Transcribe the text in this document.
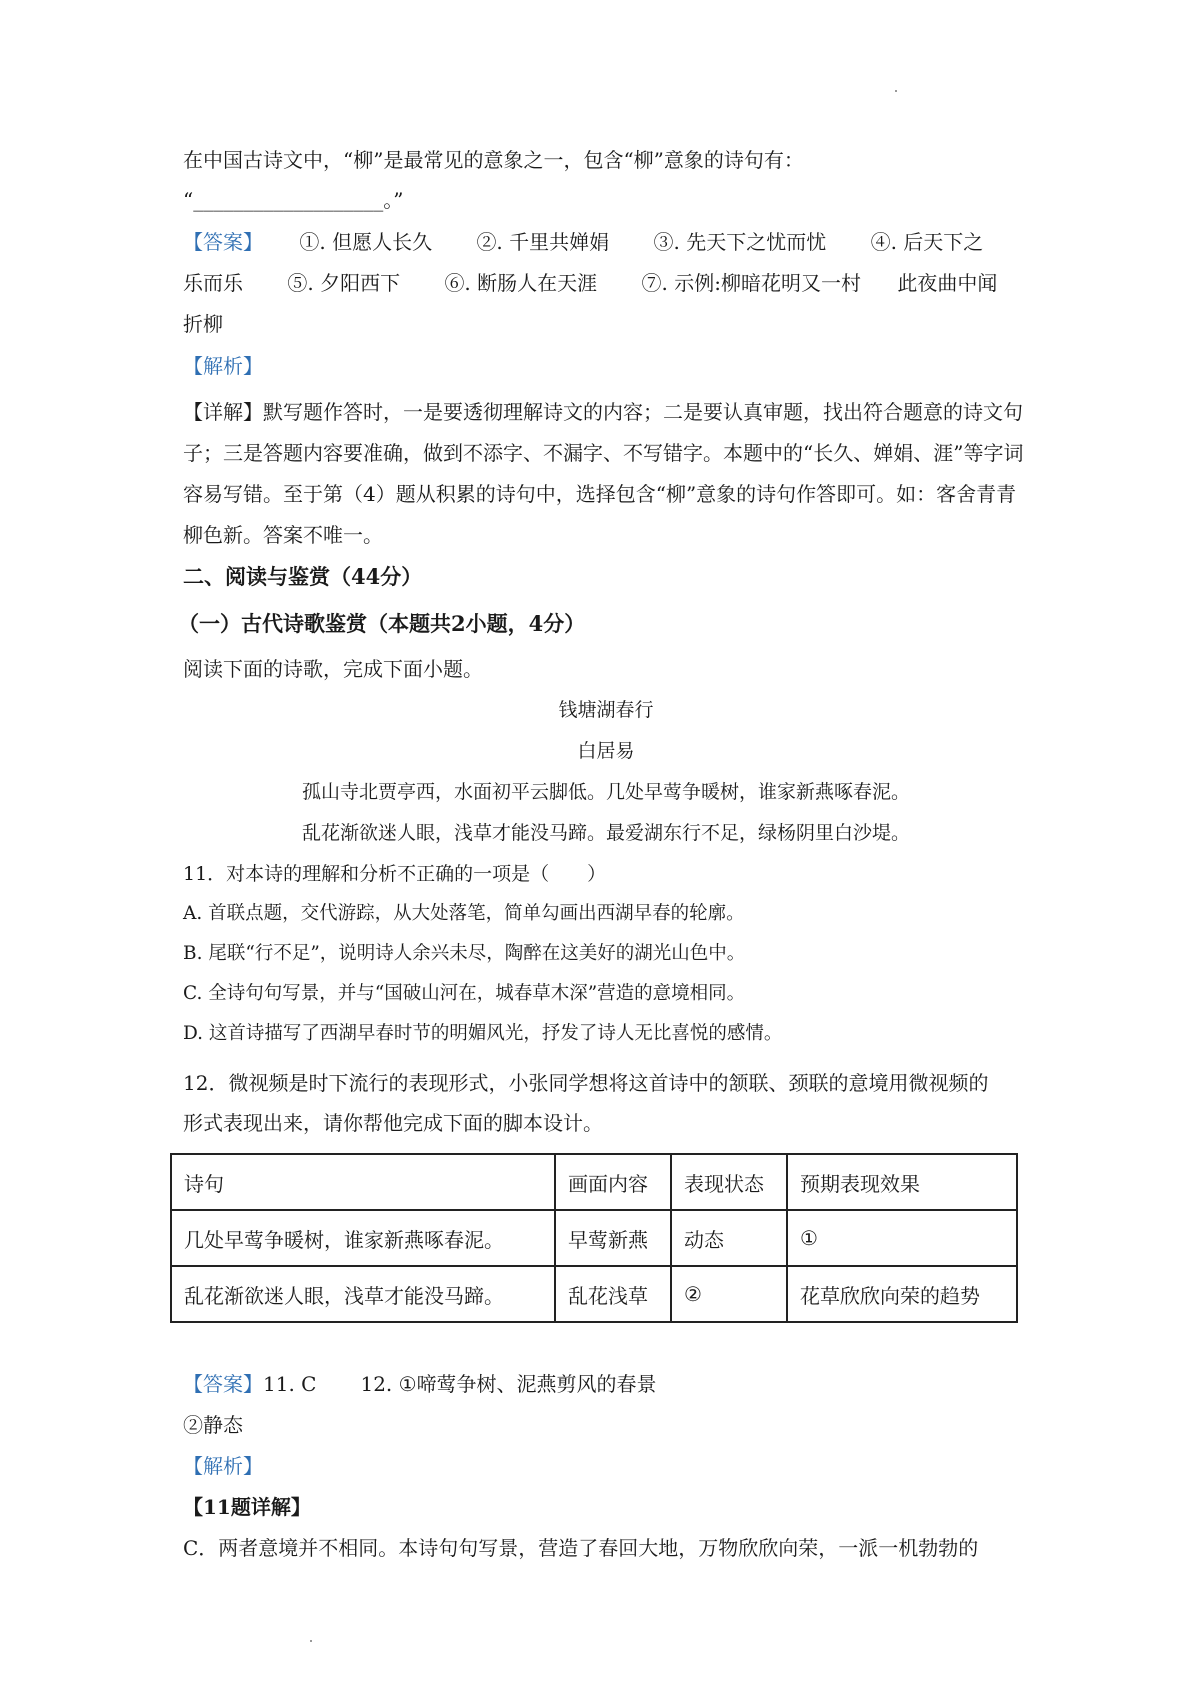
在中国古诗文中，“柳”是最常见的意象之一，包含“柳”意象的诗句有：
“___________________。”
【答案】 ①. 但愿人长久 ②. 千里共婵娟 ③. 先天下之忧而忧 ④. 后天下之
乐而乐 ⑤. 夕阳西下 ⑥. 断肠人在天涯 ⑦. 示例:柳暗花明又一村 此夜曲中闻
折柳
【解析】
【详解】默写题作答时，一是要透彻理解诗文的内容；二是要认真审题，找出符合题意的诗文句子；三是答题内容要准确，做到不添字、不漏字、不写错字。本题中的“长久、婵娟、涯”等字词容易写错。至于第（4）题从积累的诗句中，选择包含“柳”意象的诗句作答即可。如：客舍青青柳色新。答案不唯一。
二、阅读与鉴赏（44分）
（一）古代诗歌鉴赏（本题共2小题，4分）
阅读下面的诗歌，完成下面小题。
钱塘湖春行
白居易
孤山寺北贾亭西，水面初平云脚低。几处早莺争暖树，谁家新燕啄春泥。
乱花渐欲迷人眼，浅草才能没马蹄。最爱湖东行不足，绿杨阴里白沙堤。
11．对本诗的理解和分析不正确的一项是（　　）
A. 首联点题，交代游踪，从大处落笔，简单勾画出西湖早春的轮廓。
B. 尾联“行不足”，说明诗人余兴未尽，陶醉在这美好的湖光山色中。
C. 全诗句句写景，并与“国破山河在，城春草木深”营造的意境相同。
D. 这首诗描写了西湖早春时节的明媚风光，抒发了诗人无比喜悦的感情。
12．微视频是时下流行的表现形式，小张同学想将这首诗中的颔联、颈联的意境用微视频的
形式表现出来，请你帮他完成下面的脚本设计。
诗句	画面内容	表现状态	预期表现效果
几处早莺争暖树，谁家新燕啄春泥。	早莺新燕	动态	①
乱花渐欲迷人眼，浅草才能没马蹄。	乱花浅草	②	花草欣欣向荣的趋势
【答案】11. C 12. ①啼莺争树、泥燕剪风的春景
②静态
【解析】
【11题详解】
C．两者意境并不相同。本诗句句写景，营造了春回大地，万物欣欣向荣，一派一机勃勃的
